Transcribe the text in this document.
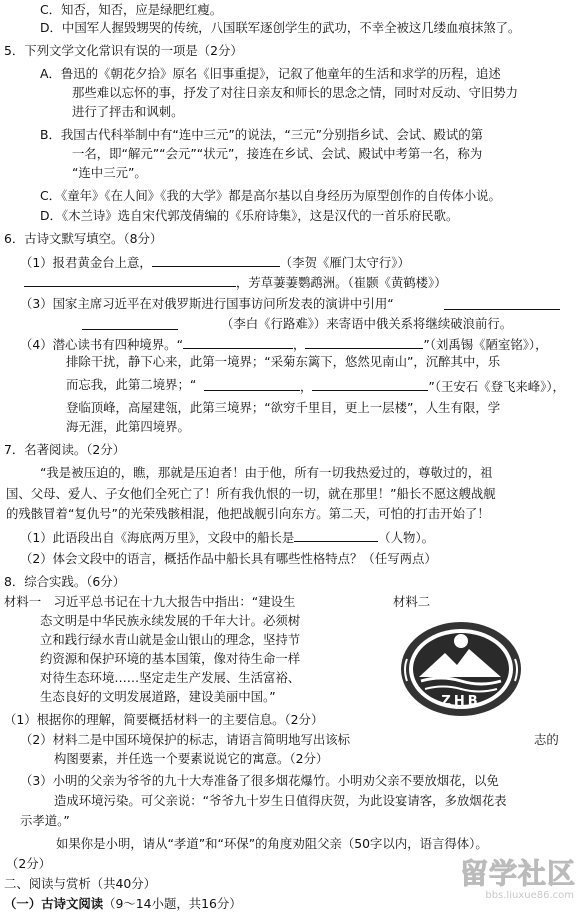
C．知否，知否，应是绿肥红瘦。
D．中国军人握毁甥哭的传统，八国联军逐创学生的武功，不幸全被这几缕血痕抹煞了。
5．下列文学文化常识有误的一项是（2分）
A．鲁迅的《朝花夕拾》原名《旧事重提》，记叙了他童年的生活和求学的历程，追述
那些难以忘怀的事，抒发了对往日亲友和师长的思念之情，同时对反动、守旧势力
进行了抨击和讽刺。
B．我国古代科举制中有“连中三元”的说法，“三元”分别指乡试、会试、殿试的第
一名，即“解元”“会元”“状元”，接连在乡试、会试、殿试中考第一名，称为
“连中三元”。
C．《童年》《在人间》《我的大学》都是高尔基以自身经历为原型创作的自传体小说。
D．《木兰诗》选自宋代郭茂倩编的《乐府诗集》，这是汉代的一首乐府民歌。
6．古诗文默写填空。（8分）
（3）国家主席习近平在对俄罗斯进行国事访问所发表的演讲中引用“
（李白《行路难》）来寄语中俄关系将继续破浪前行。
排除干扰，静下心来，此第一境界；“采菊东篱下，悠然见南山”，沉醉其中，乐
而忘我，此第二境界；“
登临顶峰，高屋建瓴，此第三境界；“欲穷千里目，更上一层楼”，人生有限，学
海无涯，此第四境界。
7．名著阅读。（2分）
“我是被压迫的，瞧，那就是压迫者！由于他，所有一切我热爱过的，尊敬过的，祖
国、父母、爱人、子女他们全死亡了！所有我仇恨的一切，就在那里！”船长不愿这艘战舰
的残骸冒着“复仇号”的光荣残骸相混，他把战舰引向东方。第二天，可怕的打击开始了！
（2）体会文段中的语言，概括作品中船长具有哪些性格特点？（任写两点）
8．综合实践。（6分）
材料一　习近平总书记在十九大报告中指出：“建设生
态文明是中华民族永续发展的千年大计。必须树
立和践行绿水青山就是金山银山的理念，坚持节
约资源和保护环境的基本国策，像对待生命一样
对待生态环境……坚定走生产发展、生活富裕、
生态良好的文明发展道路，建设美丽中国。”
（1）根据你的理解，简要概括材料一的主要信息。（2分）
（2）材料二是中国环境保护的标志，请语言简明地写出该标	志的
构图要素，并任选一个要素说说它的寓意。（2分）
（3）小明的父亲为爷爷的九十大寿准备了很多烟花爆竹。小明劝父亲不要放烟花，以免
造成环境污染。可父亲说：“爷爷九十岁生日值得庆贺，为此设宴请客，多放烟花表
示孝道。”
如果你是小明，请从“孝道”和“环保”的角度劝阻父亲（50字以内，语言得体）。
（2分）
二、阅读与赏析（共40分）
（1）报君黄金台上意，	（李贺《雁门太守行》）
，芳草萋萋鹦鹉洲。（崔颢《黄鹤楼》）
（4）潜心读书有四种境界。“	，	”（刘禹锡《陋室铭》），
，	”（王安石《登飞来峰》），
（1）此语段出自《海底两万里》，文段中的船长是	（人物）。
（一）古诗文阅读（9～14小题，共16分）
材料二
ZHB
留学社区
bbs.liuxue86.com
